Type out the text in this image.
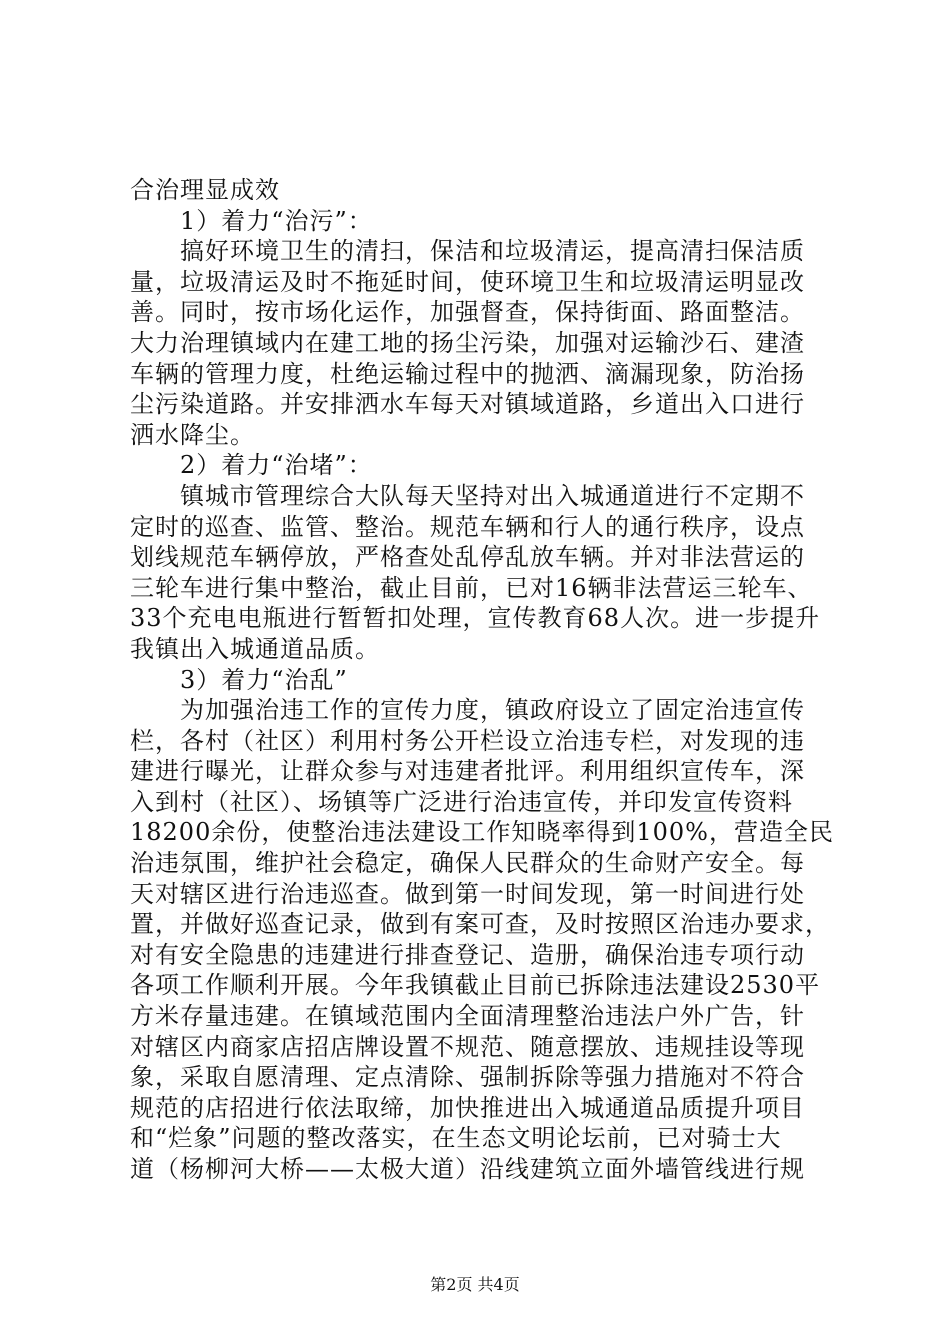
合治理显成效
　　1）着力“治污”：
　　搞好环境卫生的清扫，保洁和垃圾清运，提高清扫保洁质
量，垃圾清运及时不拖延时间，使环境卫生和垃圾清运明显改
善。同时，按市场化运作，加强督查，保持街面、路面整洁。
大力治理镇域内在建工地的扬尘污染，加强对运输沙石、建渣
车辆的管理力度，杜绝运输过程中的抛洒、滴漏现象，防治扬
尘污染道路。并安排洒水车每天对镇域道路，乡道出入口进行
洒水降尘。
　　2）着力“治堵”：
　　镇城市管理综合大队每天坚持对出入城通道进行不定期不
定时的巡查、监管、整治。规范车辆和行人的通行秩序，设点
划线规范车辆停放，严格查处乱停乱放车辆。并对非法营运的
三轮车进行集中整治，截止目前，已对16辆非法营运三轮车、
33个充电电瓶进行暂暂扣处理，宣传教育68人次。进一步提升
我镇出入城通道品质。
　　3）着力“治乱”
　　为加强治违工作的宣传力度，镇政府设立了固定治违宣传
栏，各村（社区）利用村务公开栏设立治违专栏，对发现的违
建进行曝光，让群众参与对违建者批评。利用组织宣传车，深
入到村（社区）、场镇等广泛进行治违宣传，并印发宣传资料
18200余份，使整治违法建设工作知晓率得到100%，营造全民
治违氛围，维护社会稳定，确保人民群众的生命财产安全。每
天对辖区进行治违巡查。做到第一时间发现，第一时间进行处
置，并做好巡查记录，做到有案可查，及时按照区治违办要求，
对有安全隐患的违建进行排查登记、造册，确保治违专项行动
各项工作顺利开展。今年我镇截止目前已拆除违法建设2530平
方米存量违建。在镇域范围内全面清理整治违法户外广告，针
对辖区内商家店招店牌设置不规范、随意摆放、违规挂设等现
象，采取自愿清理、定点清除、强制拆除等强力措施对不符合
规范的店招进行依法取缔，加快推进出入城通道品质提升项目
和“烂象”问题的整改落实，在生态文明论坛前，已对骑士大
道（杨柳河大桥——太极大道）沿线建筑立面外墙管线进行规
第2页 共4页
